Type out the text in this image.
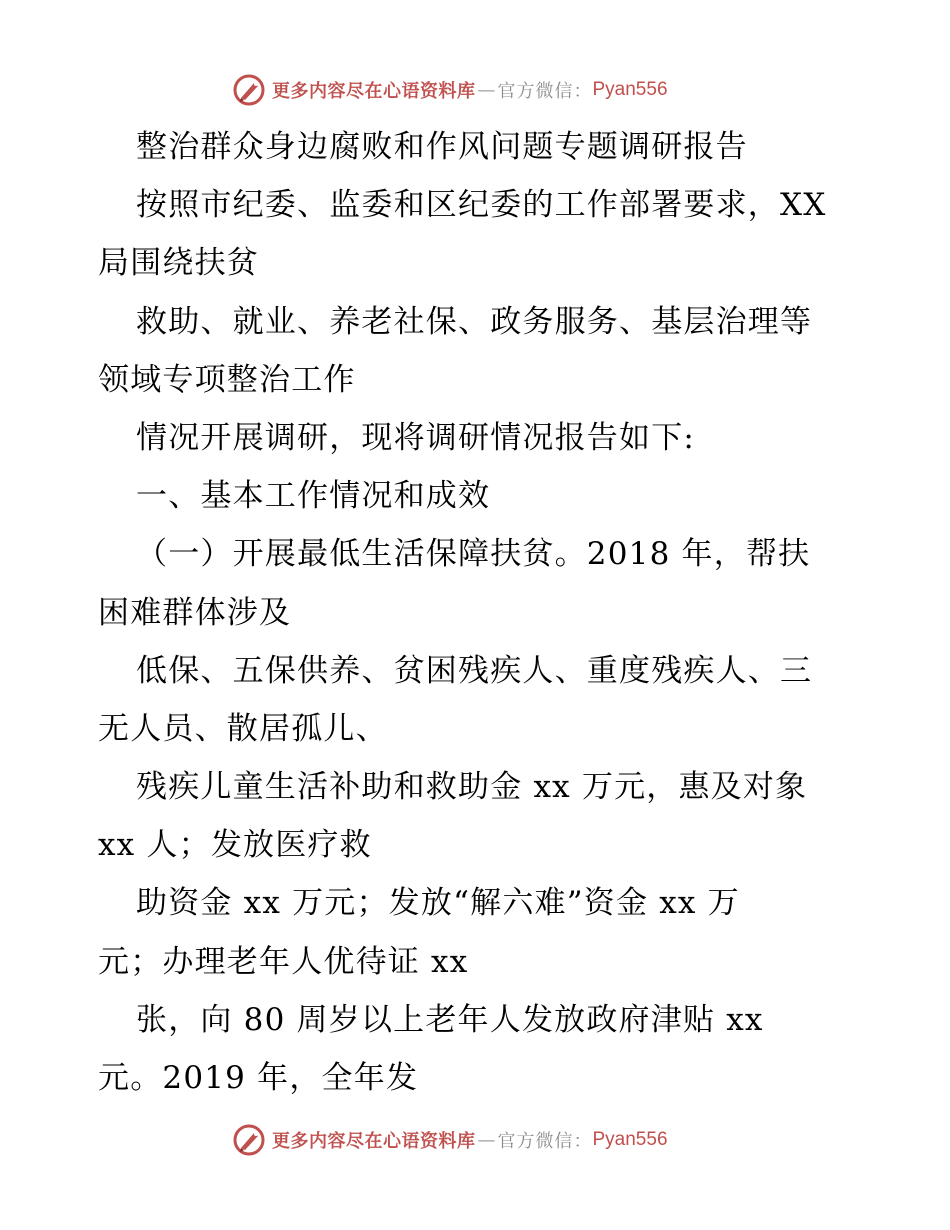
更多内容尽在心语资料库 — 官方微信： Pyan556
整治群众身边腐败和作风问题专题调研报告
按照市纪委、监委和区纪委的工作部署要求，XX
局围绕扶贫
救助、就业、养老社保、政务服务、基层治理等
领域专项整治工作
情况开展调研，现将调研情况报告如下:
一、基本工作情况和成效
（一）开展最低生活保障扶贫。2018 年，帮扶
困难群体涉及
低保、五保供养、贫困残疾人、重度残疾人、三
无人员、散居孤儿、
残疾儿童生活补助和救助金 xx 万元，惠及对象
xx 人；发放医疗救
助资金 xx 万元；发放“解六难”资金 xx 万
元；办理老年人优待证 xx
张，向 80 周岁以上老年人发放政府津贴 xx
元。2019 年，全年发
更多内容尽在心语资料库 — 官方微信： Pyan556
